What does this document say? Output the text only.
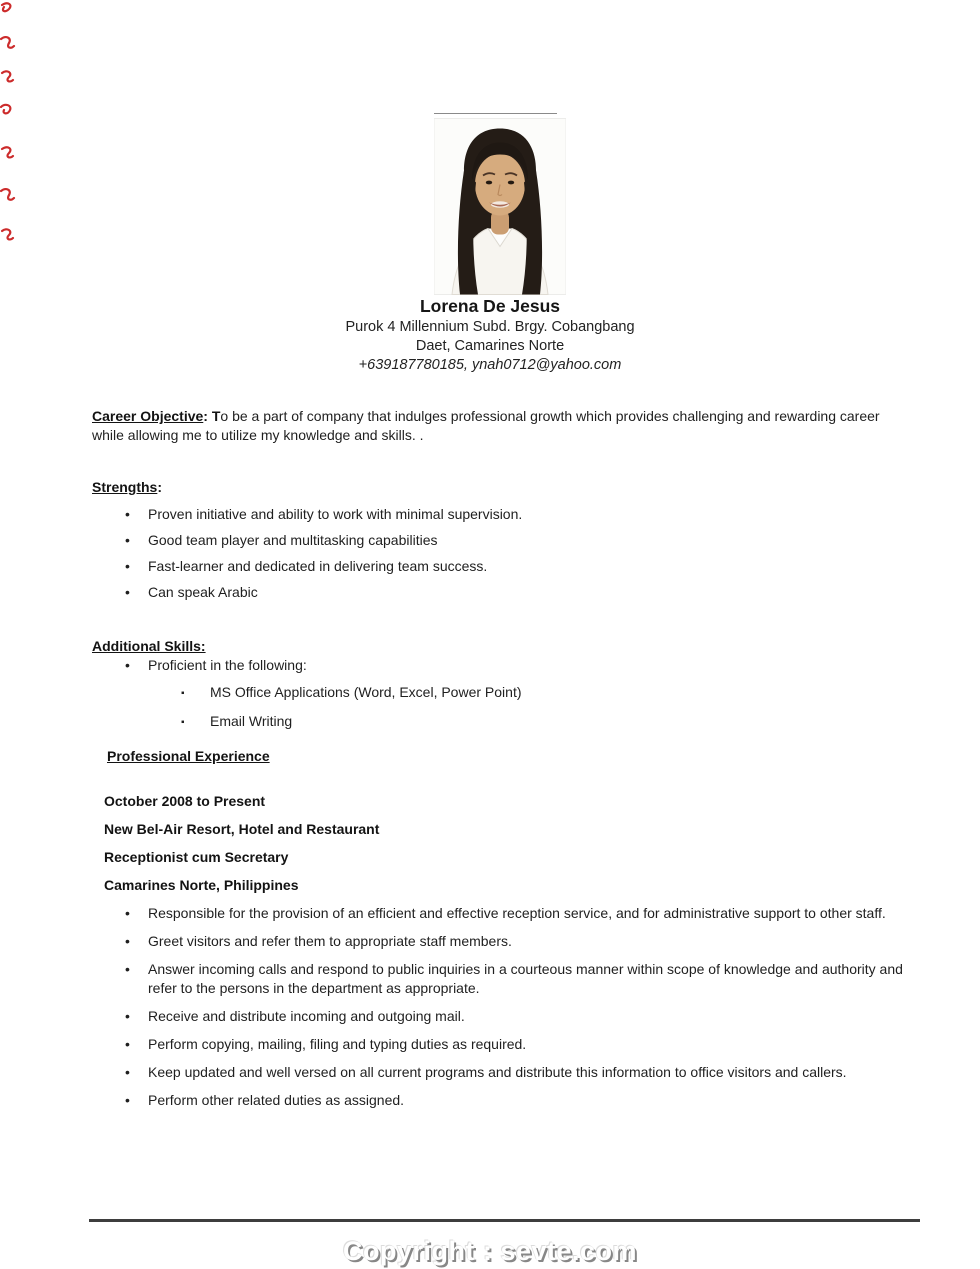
Lorena De Jesus
Purok 4 Millennium Subd. Brgy. Cobangbang
Daet, Camarines Norte
+639187780185, ynah0712@yahoo.com
Career Objective: To be a part of company that indulges professional growth which provides challenging and rewarding career while allowing me to utilize my knowledge and skills. .
Strengths:
• Proven initiative and ability to work with minimal supervision.
• Good team player and multitasking capabilities
• Fast-learner and dedicated in delivering team success.
• Can speak Arabic
Additional Skills:
• Proficient in the following:
▪ MS Office Applications (Word, Excel, Power Point)
▪ Email Writing
Professional Experience
October 2008 to Present
New Bel-Air Resort, Hotel and Restaurant
Receptionist cum Secretary
Camarines Norte, Philippines
• Responsible for the provision of an efficient and effective reception service, and for administrative support to other staff.
• Greet visitors and refer them to appropriate staff members.
• Answer incoming calls and respond to public inquiries in a courteous manner within scope of knowledge and authority and refer to the persons in the department as appropriate.
• Receive and distribute incoming and outgoing mail.
• Perform copying, mailing, filing and typing duties as required.
• Keep updated and well versed on all current programs and distribute this information to office visitors and callers.
• Perform other related duties as assigned.
Copyright : sevte.com
